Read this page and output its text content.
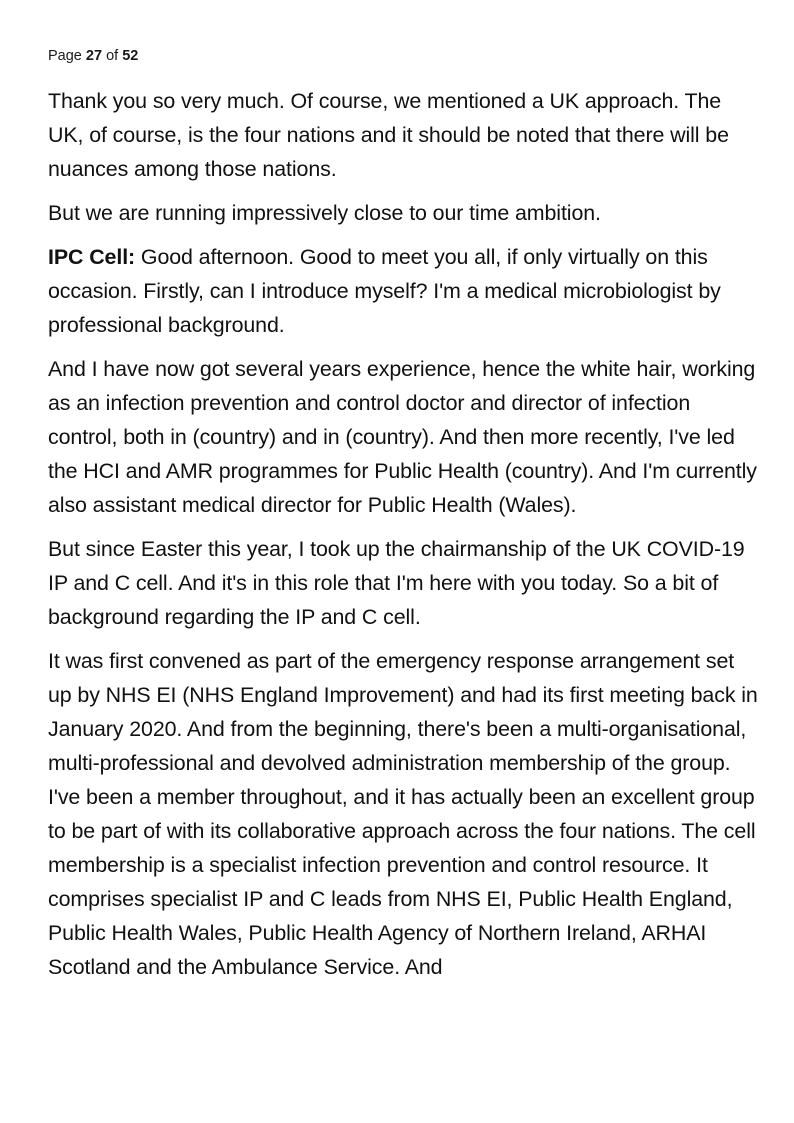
Page 27 of 52

Thank you so very much. Of course, we mentioned a UK approach. The UK, of course, is the four nations and it should be noted that there will be nuances among those nations.

But we are running impressively close to our time ambition.

IPC Cell: Good afternoon. Good to meet you all, if only virtually on this occasion. Firstly, can I introduce myself? I'm a medical microbiologist by professional background.

And I have now got several years experience, hence the white hair, working as an infection prevention and control doctor and director of infection control, both in (country) and in (country). And then more recently, I've led the HCI and AMR programmes for Public Health (country). And I'm currently also assistant medical director for Public Health (Wales).

But since Easter this year, I took up the chairmanship of the UK COVID-19 IP and C cell. And it's in this role that I'm here with you today. So a bit of background regarding the IP and C cell.

It was first convened as part of the emergency response arrangement set up by NHS EI (NHS England Improvement) and had its first meeting back in January 2020. And from the beginning, there's been a multi-organisational, multi-professional and devolved administration membership of the group. I've been a member throughout, and it has actually been an excellent group to be part of with its collaborative approach across the four nations. The cell membership is a specialist infection prevention and control resource. It comprises specialist IP and C leads from NHS EI, Public Health England, Public Health Wales, Public Health Agency of Northern Ireland, ARHAI Scotland and the Ambulance Service. And
